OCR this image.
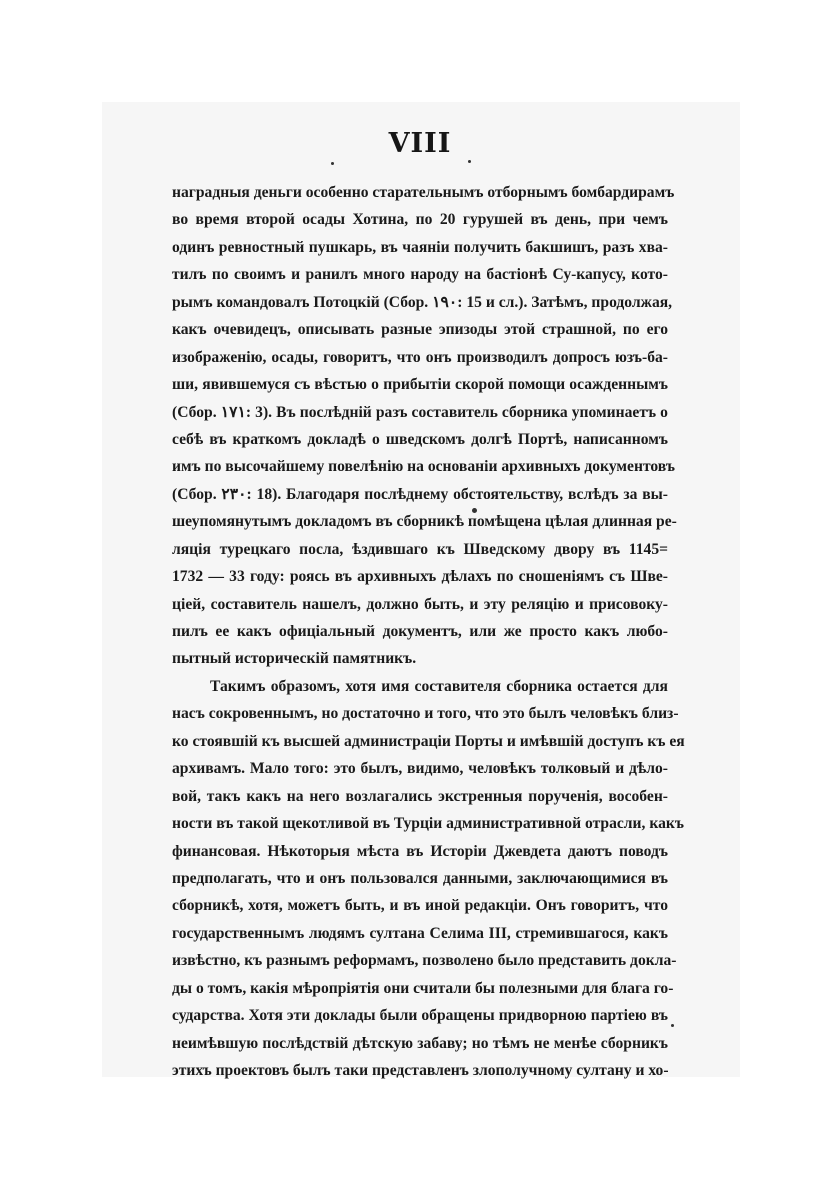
VIII
наградныя деньги особенно старательнымъ отборнымъ бомбардирамъ
во время второй осады Хотина, по 20 гурушей въ день, при чемъ
одинъ ревностный пушкарь, въ чаяніи получить бакшишъ, разъ хва-
тилъ по своимъ и ранилъ много народу на бастіонѣ Су-капусу, кото-
рымъ командовалъ Потоцкій (Сбор. ١٩٠: 15 и сл.). Затѣмъ, продолжая,
какъ очевидецъ, описывать разные эпизоды этой страшной, по его
изображенію, осады, говоритъ, что онъ производилъ допросъ юзъ-ба-
ши, явившемуся съ вѣстью о прибытіи скорой помощи осажденнымъ
(Сбор. ١٧١: 3). Въ послѣдній разъ составитель сборника упоминаетъ о
себѣ въ краткомъ докладѣ о шведскомъ долгѣ Портѣ, написанномъ
имъ по высочайшему повелѣнію на основаніи архивныхъ документовъ
(Сбор. ٢٣٠: 18). Благодаря послѣднему обстоятельству, вслѣдъ за вы-
шеупомянутымъ докладомъ въ сборникѣ помѣщена цѣлая длинная ре-
ляція турецкаго посла, ѣздившаго къ Шведскому двору въ 1145=
1732 — 33 году: роясь въ архивныхъ дѣлахъ по сношеніямъ съ Шве-
ціей, составитель нашелъ, должно быть, и эту реляцію и присовоку-
пилъ ее какъ офиціальный документъ, или же просто какъ любо-
пытный историческій памятникъ.
Такимъ образомъ, хотя имя составителя сборника остается для
насъ сокровеннымъ, но достаточно и того, что это былъ человѣкъ близ-
ко стоявшій къ высшей администраціи Порты и имѣвшій доступъ къ ея
архивамъ. Мало того: это былъ, видимо, человѣкъ толковый и дѣло-
вой, такъ какъ на него возлагались экстренныя порученія, вособен-
ности въ такой щекотливой въ Турціи административной отрасли, какъ
финансовая. Нѣкоторыя мѣста въ Исторіи Джевдета даютъ поводъ
предполагать, что и онъ пользовался данными, заключающимися въ
сборникѣ, хотя, можетъ быть, и въ иной редакціи. Онъ говоритъ, что
государственнымъ людямъ султана Селима III, стремившагося, какъ
извѣстно, къ разнымъ реформамъ, позволено было представить доклa-
ды о томъ, какія мѣропріятія они считали бы полезными для блага го-
сударства. Хотя эти доклады были обращены придворною партіею въ
неимѣвшую послѣдствій дѣтскую забаву; но тѣмъ не менѣе сборникъ
этихъ проектовъ былъ таки представленъ злополучному султану и хо-
